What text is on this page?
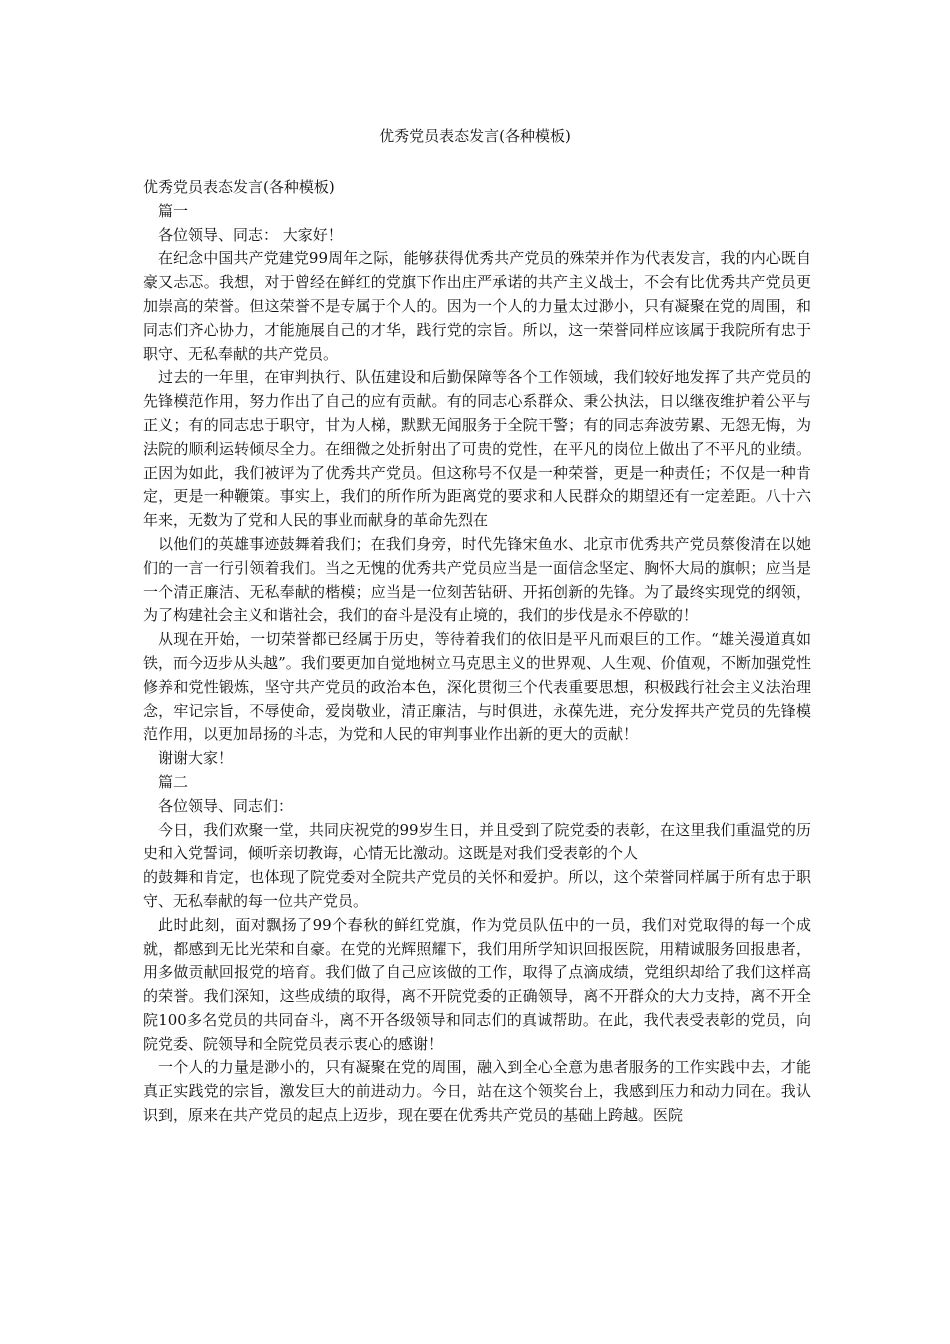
优秀党员表态发言(各种模板)

优秀党员表态发言(各种模板)

篇一

各位领导、同志： 大家好！

在纪念中国共产党建党99周年之际，能够获得优秀共产党员的殊荣并作为代表发言，我的内心既自豪又忐忑。我想，对于曾经在鲜红的党旗下作出庄严承诺的共产主义战士，不会有比优秀共产党员更加崇高的荣誉。但这荣誉不是专属于个人的。因为一个人的力量太过渺小，只有凝聚在党的周围，和同志们齐心协力，才能施展自己的才华，践行党的宗旨。所以，这一荣誉同样应该属于我院所有忠于职守、无私奉献的共产党员。

过去的一年里，在审判执行、队伍建设和后勤保障等各个工作领域，我们较好地发挥了共产党员的先锋模范作用，努力作出了自己的应有贡献。有的同志心系群众、秉公执法，日以继夜维护着公平与正义；有的同志忠于职守，甘为人梯，默默无闻服务于全院干警；有的同志奔波劳累、无怨无悔，为法院的顺利运转倾尽全力。在细微之处折射出了可贵的党性，在平凡的岗位上做出了不平凡的业绩。正因为如此，我们被评为了优秀共产党员。但这称号不仅是一种荣誉，更是一种责任；不仅是一种肯定，更是一种鞭策。事实上，我们的所作所为距离党的要求和人民群众的期望还有一定差距。八十六年来，无数为了党和人民的事业而献身的革命先烈在

以他们的英雄事迹鼓舞着我们；在我们身旁，时代先锋宋鱼水、北京市优秀共产党员蔡俊清在以她们的一言一行引领着我们。当之无愧的优秀共产党员应当是一面信念坚定、胸怀大局的旗帜；应当是一个清正廉洁、无私奉献的楷模；应当是一位刻苦钻研、开拓创新的先锋。为了最终实现党的纲领，为了构建社会主义和谐社会，我们的奋斗是没有止境的，我们的步伐是永不停歇的！

从现在开始，一切荣誉都已经属于历史，等待着我们的依旧是平凡而艰巨的工作。“雄关漫道真如铁，而今迈步从头越”。我们要更加自觉地树立马克思主义的世界观、人生观、价值观，不断加强党性修养和党性锻炼，坚守共产党员的政治本色，深化贯彻三个代表重要思想，积极践行社会主义法治理念，牢记宗旨，不辱使命，爱岗敬业，清正廉洁，与时俱进，永葆先进，充分发挥共产党员的先锋模范作用，以更加昂扬的斗志，为党和人民的审判事业作出新的更大的贡献！

谢谢大家！

篇二

各位领导、同志们：

今日，我们欢聚一堂，共同庆祝党的99岁生日，并且受到了院党委的表彰，在这里我们重温党的历史和入党誓词，倾听亲切教诲，心情无比激动。这既是对我们受表彰的个人

的鼓舞和肯定，也体现了院党委对全院共产党员的关怀和爱护。所以，这个荣誉同样属于所有忠于职守、无私奉献的每一位共产党员。

此时此刻，面对飘扬了99个春秋的鲜红党旗，作为党员队伍中的一员，我们对党取得的每一个成就，都感到无比光荣和自豪。在党的光辉照耀下，我们用所学知识回报医院，用精诚服务回报患者，用多做贡献回报党的培育。我们做了自己应该做的工作，取得了点滴成绩，党组织却给了我们这样高的荣誉。我们深知，这些成绩的取得，离不开院党委的正确领导，离不开群众的大力支持，离不开全院100多名党员的共同奋斗，离不开各级领导和同志们的真诚帮助。在此，我代表受表彰的党员，向院党委、院领导和全院党员表示衷心的感谢！

一个人的力量是渺小的，只有凝聚在党的周围，融入到全心全意为患者服务的工作实践中去，才能真正实践党的宗旨，激发巨大的前进动力。今日，站在这个领奖台上，我感到压力和动力同在。我认识到，原来在共产党员的起点上迈步，现在要在优秀共产党员的基础上跨越。医院
